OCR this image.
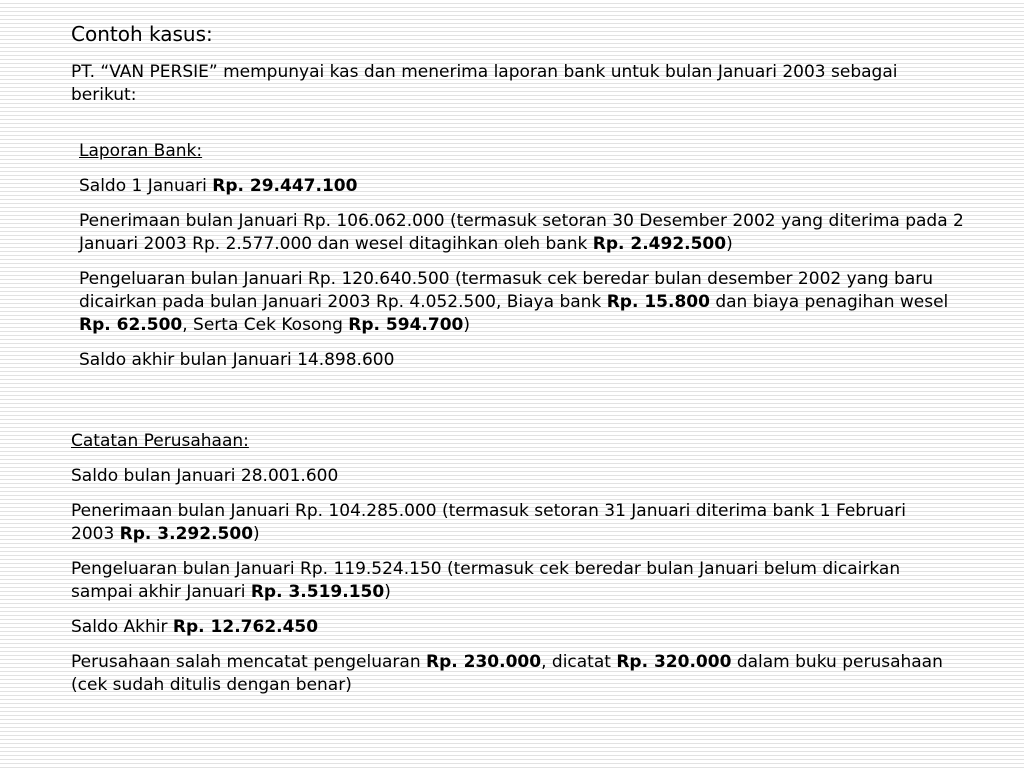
Contoh kasus:

PT. “VAN PERSIE” mempunyai kas dan menerima laporan bank untuk bulan Januari 2003 sebagai berikut:

Laporan Bank:

Saldo 1 Januari Rp. 29.447.100

Penerimaan bulan Januari Rp. 106.062.000 (termasuk setoran 30 Desember 2002 yang diterima pada 2 Januari 2003 Rp. 2.577.000 dan wesel ditagihkan oleh bank Rp. 2.492.500)

Pengeluaran bulan Januari Rp. 120.640.500 (termasuk cek beredar bulan desember 2002 yang baru dicairkan pada bulan Januari 2003 Rp. 4.052.500, Biaya bank Rp. 15.800 dan biaya penagihan wesel Rp. 62.500, Serta Cek Kosong Rp. 594.700)

Saldo akhir bulan Januari 14.898.600

Catatan Perusahaan:

Saldo bulan Januari 28.001.600

Penerimaan bulan Januari Rp. 104.285.000 (termasuk setoran 31 Januari diterima bank 1 Februari 2003 Rp. 3.292.500)

Pengeluaran bulan Januari Rp. 119.524.150 (termasuk cek beredar bulan Januari belum dicairkan sampai akhir Januari Rp. 3.519.150)

Saldo Akhir Rp. 12.762.450

Perusahaan salah mencatat pengeluaran Rp. 230.000, dicatat Rp. 320.000 dalam buku perusahaan (cek sudah ditulis dengan benar)
